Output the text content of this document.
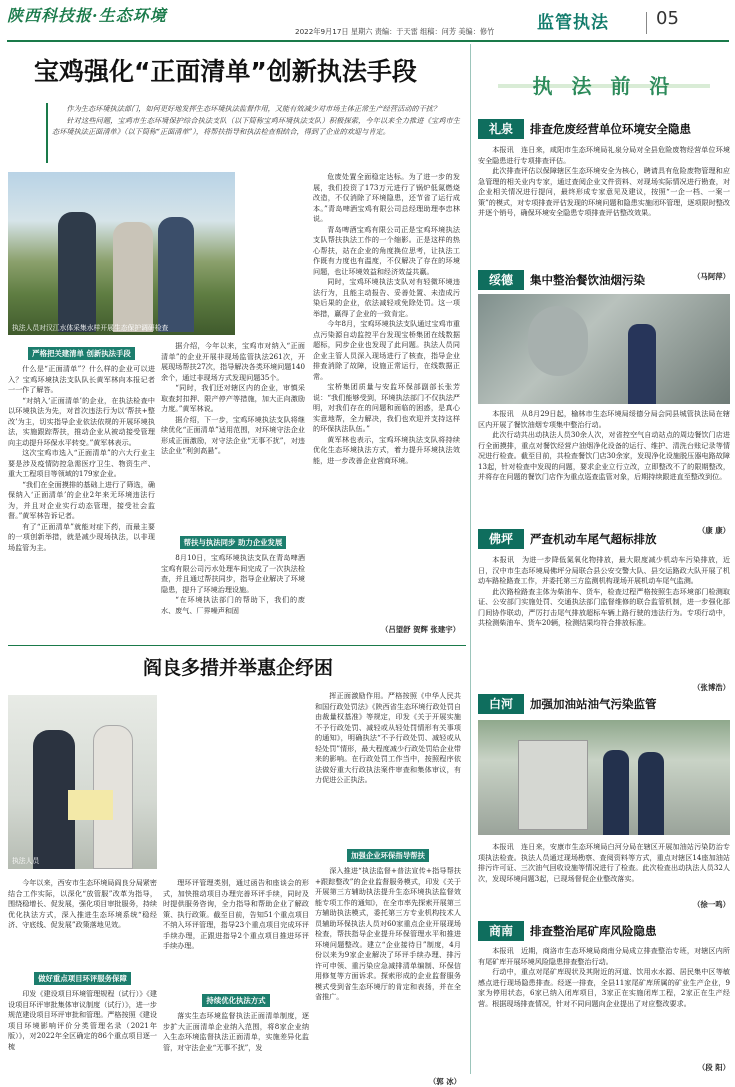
陕西科技报·生态环境
2022年9月17日 星期六 责编：于天雷 组稿：问芳 美编：修竹	监管执法	05
宝鸡强化“正面清单”创新执法手段

作为生态环境执法部门，如何更好地发挥生态环境执法监督作用，又能有效减少对市场主体正常生产经营活动的干扰？

针对这些问题，宝鸡市生态环境保护综合执法支队（以下简称宝鸡环境执法支队）积极探索，今年以来全力推进《宝鸡市生态环境执法正面清单》（以下简称“正面清单”），将帮扶指导和执法检查相结合，得到了企业的欢迎与肯定。

执法人员对汉江水体采集水样开展生态保护调研检查
严格把关建清单 创新执法手段

什么是“正面清单”？什么样的企业可以进入？宝鸡环境执法支队队长黄军林向本报记者一一作了解答。

“对纳入‘正面清单’的企业，在执法检查中以环境执法为先，对首次违法行为以‘帮扶+整改’为主，切实指导企业依法依规的开展环境执法，实施跟踪帮扶，推动企业从被动接受管理向主动提升环保水平转变。”黄军林表示。

这次宝鸡市选入“正面清单”的六大行业主要是涉及疫情防控急需医疗卫生、物资生产、重大工程项目等领域的179家企业。

“我们在全面摸排的基础上进行了筛选，确保纳入‘正面清单’的企业2年来无环境违法行为，并且对企业实行动态管理，接受社会监督。”黄军林告诉记者。

有了“正面清单”就能对症下药，而最主要的一项创新举措，就是减少现场执法，以非现场监管为主。

据介绍，今年以来，宝鸡市对纳入“正面清单”的企业开展非现场监管执法261次，开展现场帮扶27次，指导解决各类环境问题140余个，通过非现场方式发现问题35个。

“同时，我们还对辖区内的企业，审慎采取查封扣押、限产停产等措施，加大正向激励力度。”黄军林说。

据介绍，下一步，宝鸡环境执法支队将继续优化“正面清单”适用范围，对环境守法企业形成正面激励，对守法企业“无事不扰”，对违法企业“利剑高悬”。

帮扶与执法同步 助力企业发展

8月10日，宝鸡环境执法支队在青岛啤酒宝鸡有限公司污水处理车间完成了一次执法检查，并且通过帮扶同步，指导企业解决了环境隐患，提升了环境治理设施。

“在环境执法部门的帮助下，我们的废水、废气、厂界噪声和固

危废处置全面稳定达标。为了进一步的发展，我们投资了173万元进行了锅炉低氮燃烧改造，不仅消除了环境隐患，还节省了运行成本。”青岛啤酒宝鸡有限公司总经理助理李忠林说。

青岛啤酒宝鸡有限公司正是宝鸡环境执法支队帮扶执法工作的一个缩影。正是这样的热心帮扶，站在企业的角度换位思考，让执法工作既有力度也有温度，不仅解决了存在的环境问题，也让环境效益和经济效益共赢。

同时，宝鸡环境执法支队对有轻微环境违法行为，且能主动报告、妥善处置、未造成污染后果的企业，依法减轻或免除处罚。这一项举措，赢得了企业的一致肯定。

今年8月，宝鸡环境执法支队通过宝鸡市重点污染源自动监控平台发现宝桥集团在线数据超标，同步企业也发现了此问题。执法人员同企业主管人员深入现场进行了核查，指导企业排查消除了故障，设施正常运行，在线数据正常。

宝桥集团质量与安监环保部副部长张芳说：“我们能够受到，环境执法部门不仅执法严明，对我们存在的问题和面临的困惑，是真心实意地帮，全力解决，我们也欢迎并支持这样的环保执法队伍。”

黄军林也表示，宝鸡环境执法支队将持续优化生态环境执法方式，着力提升环境执法效能，进一步改善企业营商环境。

（吕望舒 贺辉 张建宇）
阎良多措并举惠企纾困
执法人员

今年以来，西安市生态环境局阎良分局紧密结合工作实际，以深化“放管服”改革为指导，围绕稳增长、促发展，强化项目审批服务，持续优化执法方式，深入推进生态环境系统“稳经济、守底线、促发展”政策落地见效。

做好重点项目环评服务保障

印发《建设项目环境管理规程（试行）》《建设项目环评审批集体审议制度（试行）》，进一步规范建设项目环评审批和管理。严格按照《建设项目环境影响评价分类管理名录（2021年版）》，对2022年全区确定的86个重点项目逐一梳

理环评管理类别，通过函告和座谈会的形式，加快推动项目办理完善环评手续，同时及时提供服务咨询，全力指导和帮助企业了解政策、执行政策。截至目前，告知51个重点项目不纳入环评管理，指导23个重点项目完成环评手续办理，正跟进指导2个重点项目推进环评手续办理。

持续优化执法方式

落实生态环境监督执法正面清单制度，逐步扩大正面清单企业纳入范围，将8家企业纳入生态环境监督执法正面清单，实施差异化监管，对守法企业“无事不扰”，发

挥正面激励作用。严格按照《中华人民共和国行政处罚法》《陕西省生态环境行政处罚自由裁量权基准》等规定，印发《关于开展实施不予行政处罚、减轻或从轻处罚情形有关事项的通知》，明确执法“不予行政处罚、减轻或从轻处罚”情形，最大程度减少行政处罚给企业带来的影响。在行政处罚工作当中，按照程序依法做好重大行政执法案件审查和集体审议，有力促进公正执法。

加强企业环保指导帮扶

深入推进“执法监督+普法宣传+指导帮扶+跟踪整改”的企业监督服务模式，印发《关于开展第三方辅助执法提升生态环境执法监督效能专项工作的通知》，在全市率先探索开展第三方辅助执法模式，委托第三方专业机构技术人员辅助环保执法人员对60家重点企业开展现场检查，帮扶指导企业提升环保管理水平和推进环境问题整改。建立“企业接待日”制度，4月份以来为9家企业解决了环评手续办理、排污许可申领、重污染应急减排清单编制、环保信用修复等方面诉求。探索形成的企业监督服务模式受到省生态环境厅的肯定和表扬，并在全省推广。

（郭 冰）
执 法 前 沿
礼泉	排查危废经营单位环境安全隐患

本报讯　连日来，咸阳市生态环境局礼泉分局对全县危险废物经营单位环境安全隐患进行专项排查评估。

此次排查评估以保障辖区生态环境安全为核心，聘请具有危险废物管理和应急管理的相关业内专家，通过查阅企业文件资料、对现场实际情况进行勘查，对企业相关情况进行提问，最终形成专家意见及建议，按照“一企一档、一案一策”的模式，对专项排查评估发现的环境问题和隐患实施闭环管理，逐项限时整改并逐个销号，确保环境安全隐患专项排查评估整改效果。

（马阿萍）
绥德	集中整治餐饮油烟污染

本报讯　从8月29日起，榆林市生态环境局绥德分局会同县城管执法局在辖区内开展了餐饮油烟专项集中整治行动。

此次行动共出动执法人员30余人次，对省控空气自动站点的周边餐饮门店进行全面摸排，重点对餐饮经营户油烟净化设备的运行、维护、清洗台账记录等情况进行检查。截至目前，共检查餐饮门店30余家，发现净化设施脱压器电路故障13起，针对检查中发现的问题，要求企业立行立改，立即整改不了的限期整改，并将存在问题的餐饮门店作为重点巡查监管对象，后期持续跟进直至整改到位。

（康 康）
佛坪	严查机动车尾气超标排放

本报讯　为进一步降低氮氧化物排放，最大限度减少机动车污染排放，近日，汉中市生态环境局佛坪分局联合县公安交警大队、县交运路政大队开展了机动车路检路查工作，并委托第三方监测机构现场开展机动车尾气监测。

此次路检路查主体为柴油车、货车，检查过程严格按照生态环境部门检测取证、公安部门实施处罚、交通执法部门监督维修的联合监管机制，进一步强化部门间协作联动，严厉打击尾气排放超标车辆上路行驶的违法行为。专项行动中，共检测柴油车、货车20辆，检测结果均符合排放标准。

（张博浩）
白河	加强加油站油气污染监管

本报讯　连日来，安康市生态环境局白河分局在辖区开展加油站污染防治专项执法检查。执法人员通过现场勘察、查阅资料等方式，重点对辖区14座加油站排污许可证、三次油气回收设施等情况进行了检查。此次检查出动执法人员32人次，发现环境问题3起，已现场督促企业整改落实。

（徐一鸣）
商南	排查整治尾矿库风险隐患

本报讯　近期，商洛市生态环境局商南分局成立排查整治专班，对辖区内所有尾矿库开展环境风险隐患排查整治行动。

行动中，重点对尾矿库现状及其附近的河道、饮用水水源、居民集中区等敏感点进行现场隐患排查。经逐一排查，全县11家尾矿库所属的矿业生产企业，9家为停用状态，6家已纳入闭库项目，3家正在实施闭库工程，2家正在生产经营。根据现场排查情况，针对不同问题向企业提出了对应整改要求。

（段 阳）
